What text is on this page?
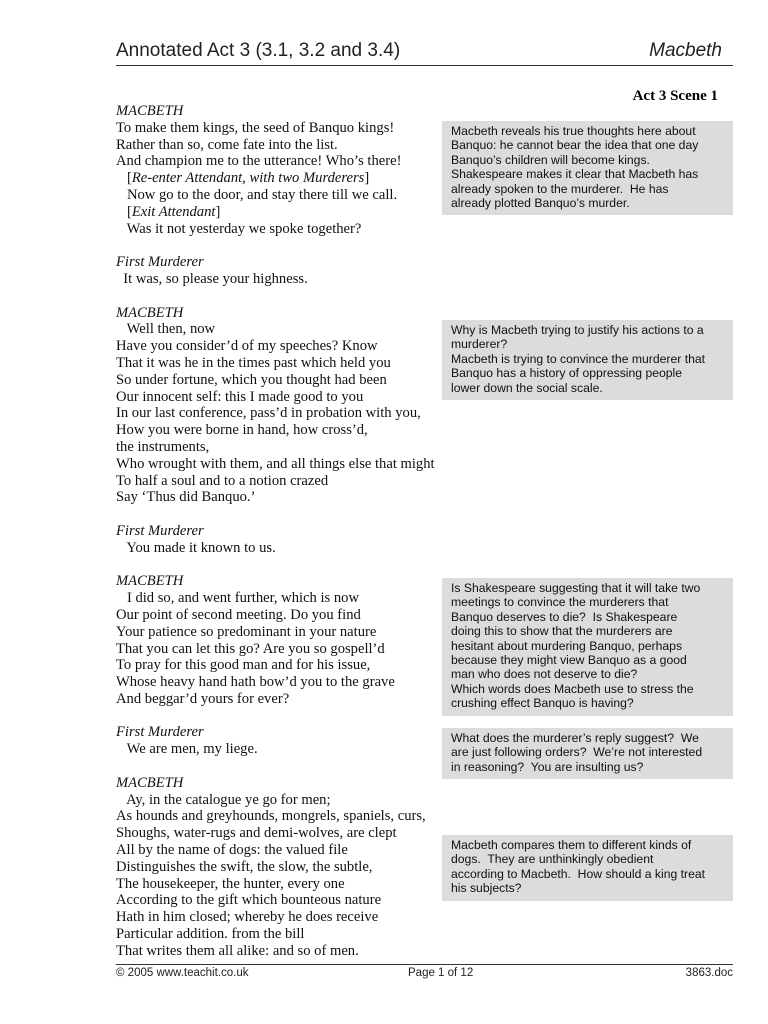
Annotated Act 3 (3.1, 3.2 and 3.4)	Macbeth
Act 3 Scene 1
MACBETH
To make them kings, the seed of Banquo kings!
Rather than so, come fate into the list.
And champion me to the utterance! Who’s there!
[Re-enter Attendant, with two Murderers]
Now go to the door, and stay there till we call.
[Exit Attendant]
Was it not yesterday we spoke together?
First Murderer
It was, so please your highness.
MACBETH
Well then, now
Have you consider’d of my speeches? Know
That it was he in the times past which held you
So under fortune, which you thought had been
Our innocent self: this I made good to you
In our last conference, pass’d in probation with you,
How you were borne in hand, how cross’d,
the instruments,
Who wrought with them, and all things else that might
To half a soul and to a notion crazed
Say ‘Thus did Banquo.’
First Murderer
You made it known to us.
MACBETH
I did so, and went further, which is now
Our point of second meeting. Do you find
Your patience so predominant in your nature
That you can let this go? Are you so gospell’d
To pray for this good man and for his issue,
Whose heavy hand hath bow’d you to the grave
And beggar’d yours for ever?
First Murderer
We are men, my liege.
MACBETH
Ay, in the catalogue ye go for men;
As hounds and greyhounds, mongrels, spaniels, curs,
Shoughs, water-rugs and demi-wolves, are clept
All by the name of dogs: the valued file
Distinguishes the swift, the slow, the subtle,
The housekeeper, the hunter, every one
According to the gift which bounteous nature
Hath in him closed; whereby he does receive
Particular addition. from the bill
That writes them all alike: and so of men.
Macbeth reveals his true thoughts here about
Banquo: he cannot bear the idea that one day
Banquo’s children will become kings.
Shakespeare makes it clear that Macbeth has
already spoken to the murderer.  He has
already plotted Banquo’s murder.
Why is Macbeth trying to justify his actions to a
murderer?
Macbeth is trying to convince the murderer that
Banquo has a history of oppressing people
lower down the social scale.
Is Shakespeare suggesting that it will take two
meetings to convince the murderers that
Banquo deserves to die?  Is Shakespeare
doing this to show that the murderers are
hesitant about murdering Banquo, perhaps
because they might view Banquo as a good
man who does not deserve to die?
Which words does Macbeth use to stress the
crushing effect Banquo is having?
What does the murderer’s reply suggest?  We
are just following orders?  We’re not interested
in reasoning?  You are insulting us?
Macbeth compares them to different kinds of
dogs.  They are unthinkingly obedient
according to Macbeth.  How should a king treat
his subjects?
© 2005 www.teachit.co.uk	Page 1 of 12	3863.doc
